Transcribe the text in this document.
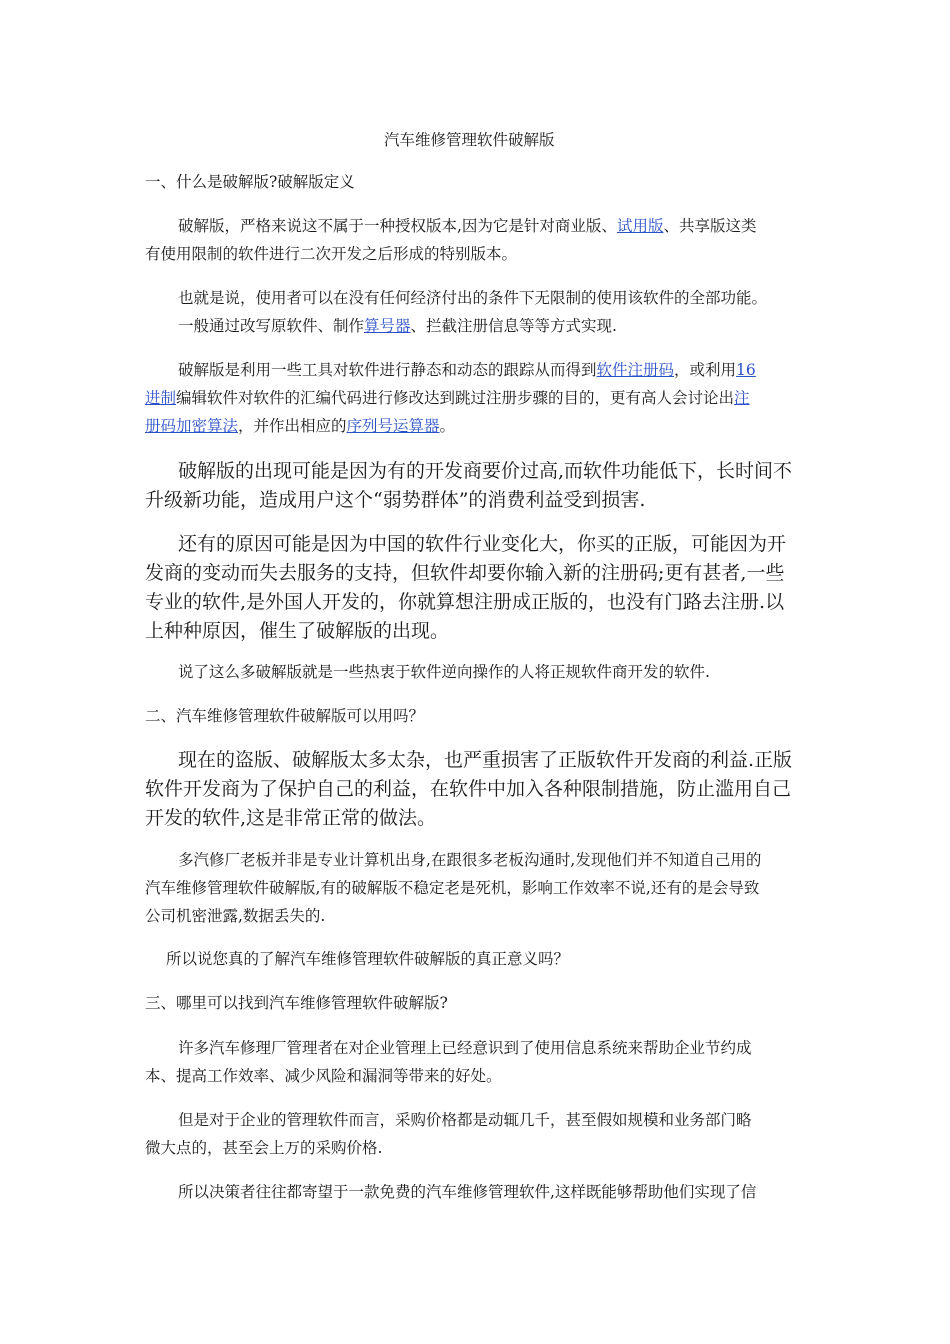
汽车维修管理软件破解版
一、什么是破解版?破解版定义
破解版，严格来说这不属于一种授权版本,因为它是针对商业版、试用版、共享版这类
有使用限制的软件进行二次开发之后形成的特别版本。
也就是说，使用者可以在没有任何经济付出的条件下无限制的使用该软件的全部功能。
一般通过改写原软件、制作算号器、拦截注册信息等等方式实现.
破解版是利用一些工具对软件进行静态和动态的跟踪从而得到软件注册码，或利用16
进制编辑软件对软件的汇编代码进行修改达到跳过注册步骤的目的，更有高人会讨论出注
册码加密算法，并作出相应的序列号运算器。
破解版的出现可能是因为有的开发商要价过高,而软件功能低下，长时间不
升级新功能，造成用户这个“弱势群体”的消费利益受到损害.
还有的原因可能是因为中国的软件行业变化大，你买的正版，可能因为开
发商的变动而失去服务的支持，但软件却要你输入新的注册码;更有甚者,一些
专业的软件,是外国人开发的，你就算想注册成正版的，也没有门路去注册.以
上种种原因，催生了破解版的出现。
说了这么多破解版就是一些热衷于软件逆向操作的人将正规软件商开发的软件.
二、汽车维修管理软件破解版可以用吗？
现在的盗版、破解版太多太杂，也严重损害了正版软件开发商的利益.正版
软件开发商为了保护自己的利益，在软件中加入各种限制措施，防止滥用自己
开发的软件,这是非常正常的做法。
多汽修厂老板并非是专业计算机出身,在跟很多老板沟通时,发现他们并不知道自己用的
汽车维修管理软件破解版,有的破解版不稳定老是死机，影响工作效率不说,还有的是会导致
公司机密泄露,数据丢失的.
所以说您真的了解汽车维修管理软件破解版的真正意义吗？
三、哪里可以找到汽车维修管理软件破解版?
许多汽车修理厂管理者在对企业管理上已经意识到了使用信息系统来帮助企业节约成
本、提高工作效率、减少风险和漏洞等带来的好处。
但是对于企业的管理软件而言，采购价格都是动辄几千，甚至假如规模和业务部门略
微大点的，甚至会上万的采购价格.
所以决策者往往都寄望于一款免费的汽车维修管理软件,这样既能够帮助他们实现了信
